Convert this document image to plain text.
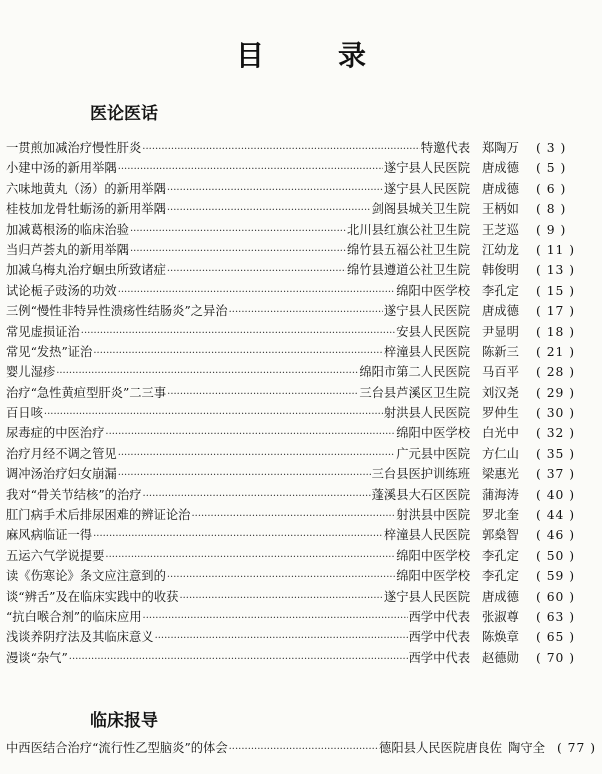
目	录
医论医话
一贯煎加减治疗慢性肝炎 ·····	特邀代表 郑陶万	( 3 )
小建中汤的新用举隅 ·····	遂宁县人民医院 唐成德	( 5 )
六味地黄丸（汤）的新用举隅 ·····	遂宁县人民医院 唐成德	( 6 )
桂枝加龙骨牡蛎汤的新用举隅 ·····	剑阁县城关卫生院 王柄如	( 8 )
加减葛根汤的临床治验 ·····	北川县红旗公社卫生院 王芝巡	( 9 )
当归芦荟丸的新用举隅 ·····	绵竹县五福公社卫生院 江幼龙	( 11 )
加减乌梅丸治疗蛔虫所致诸症 ·····	绵竹县遵道公社卫生院 韩俊明	( 13 )
试论栀子豉汤的功效 ·····	绵阳中医学校 李孔定	( 15 )
三例“慢性非特异性溃疡性结肠炎”之异治 ·····	遂宁县人民医院 唐成德	( 17 )
常见虚损证治 ·····	安县人民医院 尹显明	( 18 )
常见“发热”证治 ·····	梓潼县人民医院 陈新三	( 21 )
婴儿湿疹 ·····	绵阳市第二人民医院 马百平	( 28 )
治疗“急性黄疸型肝炎”二三事 ·····	三台县芦溪区卫生院 刘汉尧	( 29 )
百日咳 ·····	射洪县人民医院 罗仲生	( 30 )
尿毒症的中医治疗 ·····	绵阳中医学校 白光中	( 32 )
治疗月经不调之管见 ·····	广元县中医院 方仁山	( 35 )
调冲汤治疗妇女崩漏 ·····	三台县医护训练班 梁惠光	( 37 )
我对“骨关节结核”的治疗 ·····	蓬溪县大石区医院 蒲海涛	( 40 )
肛门病手术后排尿困难的辨证论治 ·····	射洪县中医院 罗北奎	( 44 )
麻风病临证一得 ·····	梓潼县人民医院 郭燊智	( 46 )
五运六气学说提要 ·····	绵阳中医学校 李孔定	( 50 )
读《伤寒论》条文应注意到的 ·····	绵阳中医学校 李孔定	( 59 )
谈“辨舌”及在临床实践中的收获 ·····	遂宁县人民医院 唐成德	( 60 )
“抗白喉合剂”的临床应用 ·····	西学中代表 张淑尊	( 63 )
浅谈养阴疗法及其临床意义 ·····	西学中代表 陈焕章	( 65 )
漫谈“杂气” ·····	西学中代表 赵德勋	( 70 )
临床报导
中西医结合治疗“流行性乙型脑炎”的体会 ·····	德阳县人民医院唐良佐 陶守全 ( 77 )
